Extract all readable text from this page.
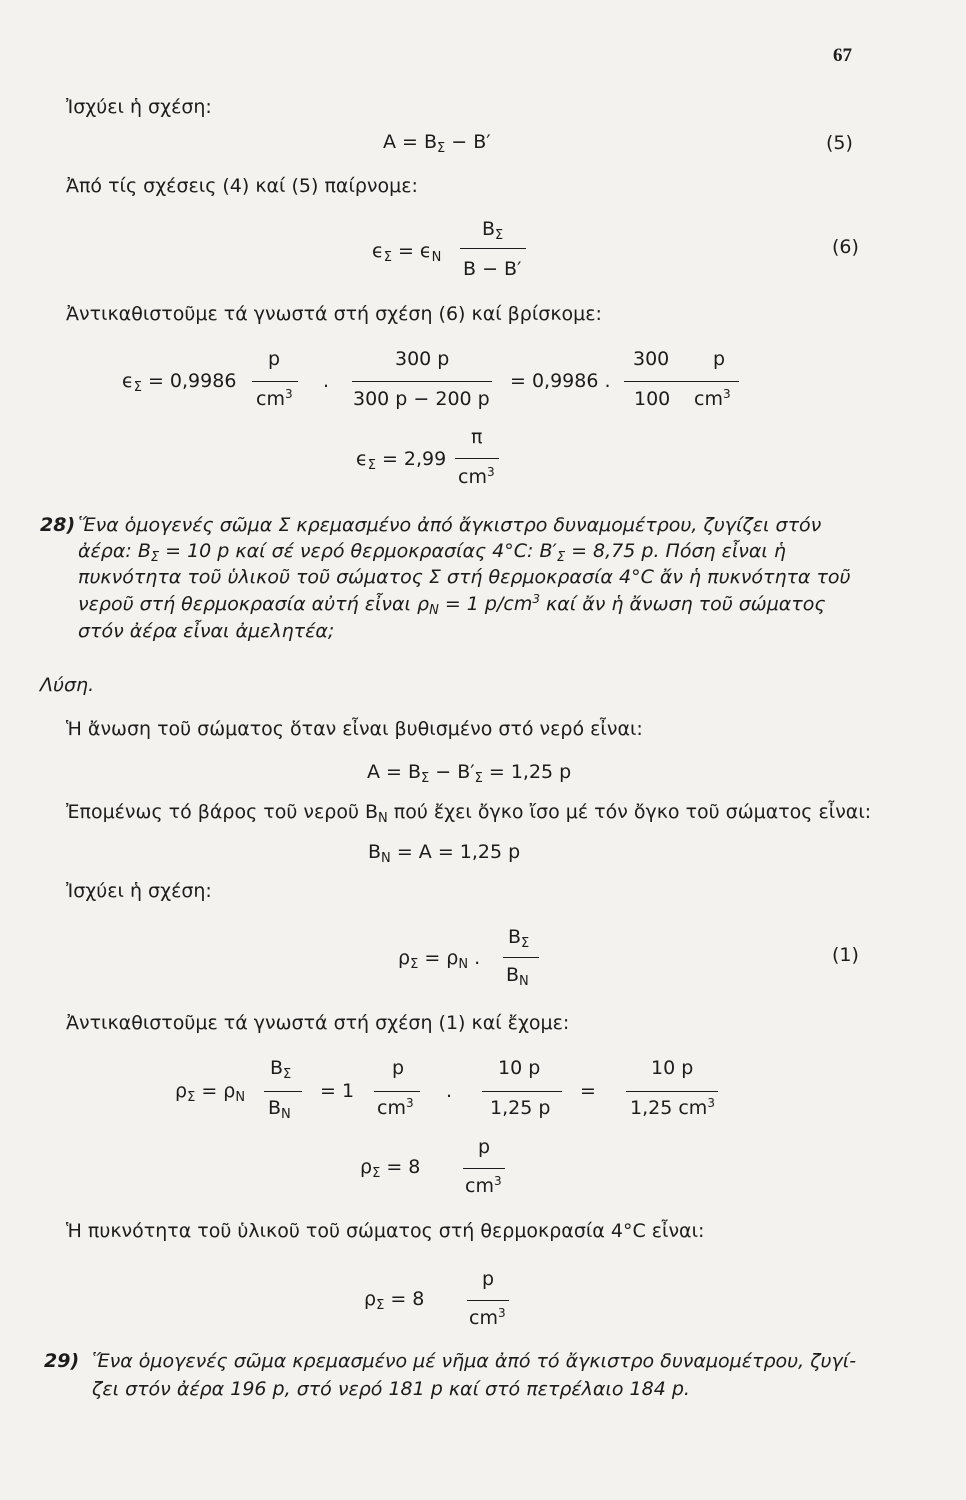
67
Ἰσχύει ἡ σχέση:
$A = B_\Sigma - B'$	(5)
Ἀπό τίς σχέσεις (4) καί (5) παίρνομε:
$\epsilon_\Sigma = \epsilon_N$
$B_\Sigma$
B − B′
(6)
Ἀντικαθιστοῦμε τά γνωστά στή σχέση (6) καί βρίσκομε:
$\epsilon_\Sigma = 0,9986$
p
$cm^3$
.
300 p
300 p − 200 p
= 0,9986 .
300 p
100 $cm^3$
$\epsilon_\Sigma = 2,99$
π
$cm^3$
28) Ἕνα ὁμογενές σῶμα Σ κρεμασμένο ἀπό ἄγκιστρο δυναμομέτρου, ζυγίζει στόν
ἀέρα: $B_\Sigma = 10$ p καί σέ νερό θερμοκρασίας 4°C: $B'_\Sigma = 8,75$ p. Πόση εἶναι ἡ
πυκνότητα τοῦ ὑλικοῦ τοῦ σώματος Σ στή θερμοκρασία 4°C ἄν ἡ πυκνότητα τοῦ
νεροῦ στή θερμοκρασία αὐτή εἶναι $\rho_N = 1$ $p/cm^3$ καί ἄν ἡ ἄνωση τοῦ σώματος
στόν ἀέρα εἶναι ἀμελητέα;
Λύση.
Ἡ ἄνωση τοῦ σώματος ὅταν εἶναι βυθισμένο στό νερό εἶναι:
$A = B_\Sigma - B'_\Sigma = 1,25$ p
Ἐπομένως τό βάρος τοῦ νεροῦ $B_N$ πού ἔχει ὄγκο ἴσο μέ τόν ὄγκο τοῦ σώματος εἶναι:
$B_N = A = 1,25$ p
Ἰσχύει ἡ σχέση:
$\rho_\Sigma = \rho_N$ .
$B_\Sigma$
$B_N$
(1)
Ἀντικαθιστοῦμε τά γνωστά στή σχέση (1) καί ἔχομε:
$\rho_\Sigma = \rho_N$
$B_\Sigma$
$B_N$
= 1
p
$cm^3$
.
10 p
1,25 p
=
10 p
1,25 $cm^3$
$\rho_\Sigma = 8$
p
$cm^3$
Ἡ πυκνότητα τοῦ ὑλικοῦ τοῦ σώματος στή θερμοκρασία 4°C εἶναι:
$\rho_\Sigma = 8$
p
$cm^3$
29) Ἕνα ὁμογενές σῶμα κρεμασμένο μέ νῆμα ἀπό τό ἄγκιστρο δυναμομέτρου, ζυγί-
ζει στόν ἀέρα 196 p, στό νερό 181 p καί στό πετρέλαιο 184 p.
